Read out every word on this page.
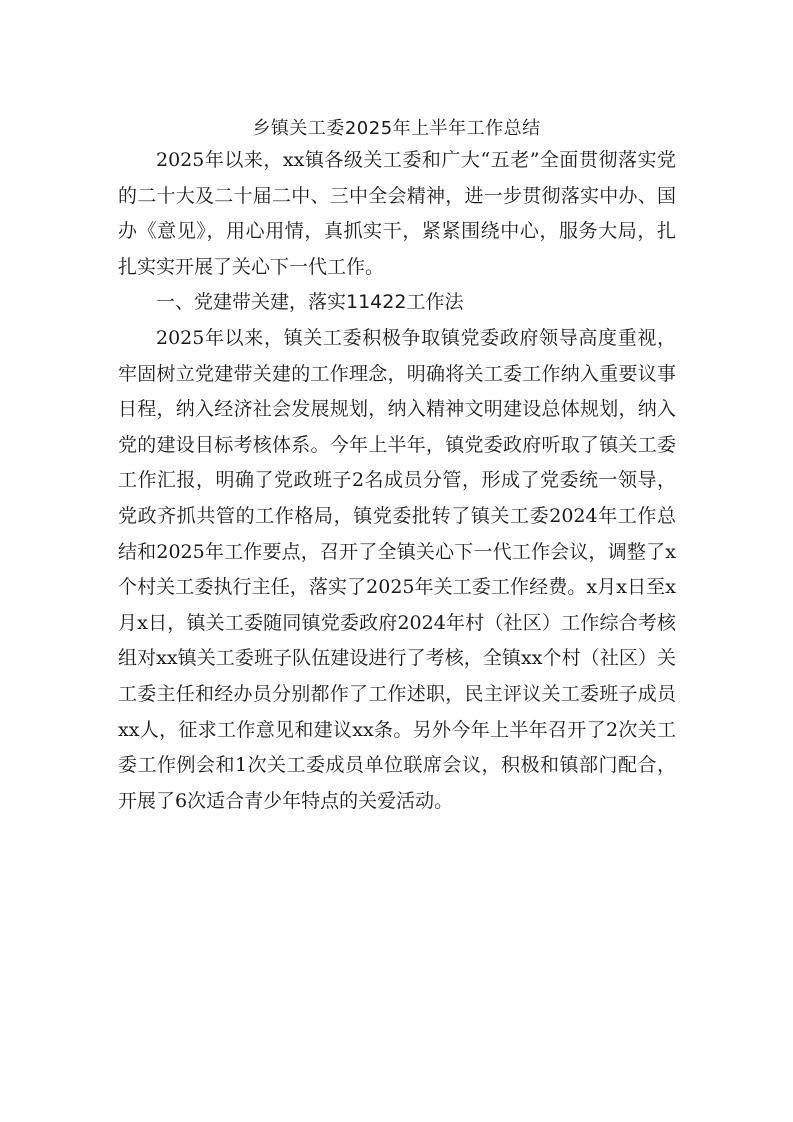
乡镇关工委2025年上半年工作总结

2025年以来，xx镇各级关工委和广大“五老”全面贯彻落实党的二十大及二十届二中、三中全会精神，进一步贯彻落实中办、国办《意见》，用心用情，真抓实干，紧紧围绕中心，服务大局，扎扎实实开展了关心下一代工作。

一、党建带关建，落实11422工作法

2025年以来，镇关工委积极争取镇党委政府领导高度重视，牢固树立党建带关建的工作理念，明确将关工委工作纳入重要议事日程，纳入经济社会发展规划，纳入精神文明建设总体规划，纳入党的建设目标考核体系。今年上半年，镇党委政府听取了镇关工委工作汇报，明确了党政班子2名成员分管，形成了党委统一领导，党政齐抓共管的工作格局，镇党委批转了镇关工委2024年工作总结和2025年工作要点，召开了全镇关心下一代工作会议，调整了x个村关工委执行主任，落实了2025年关工委工作经费。x月x日至x月x日，镇关工委随同镇党委政府2024年村（社区）工作综合考核组对xx镇关工委班子队伍建设进行了考核，全镇xx个村（社区）关工委主任和经办员分别都作了工作述职，民主评议关工委班子成员xx人，征求工作意见和建议xx条。另外今年上半年召开了2次关工委工作例会和1次关工委成员单位联席会议，积极和镇部门配合，开展了6次适合青少年特点的关爱活动。
